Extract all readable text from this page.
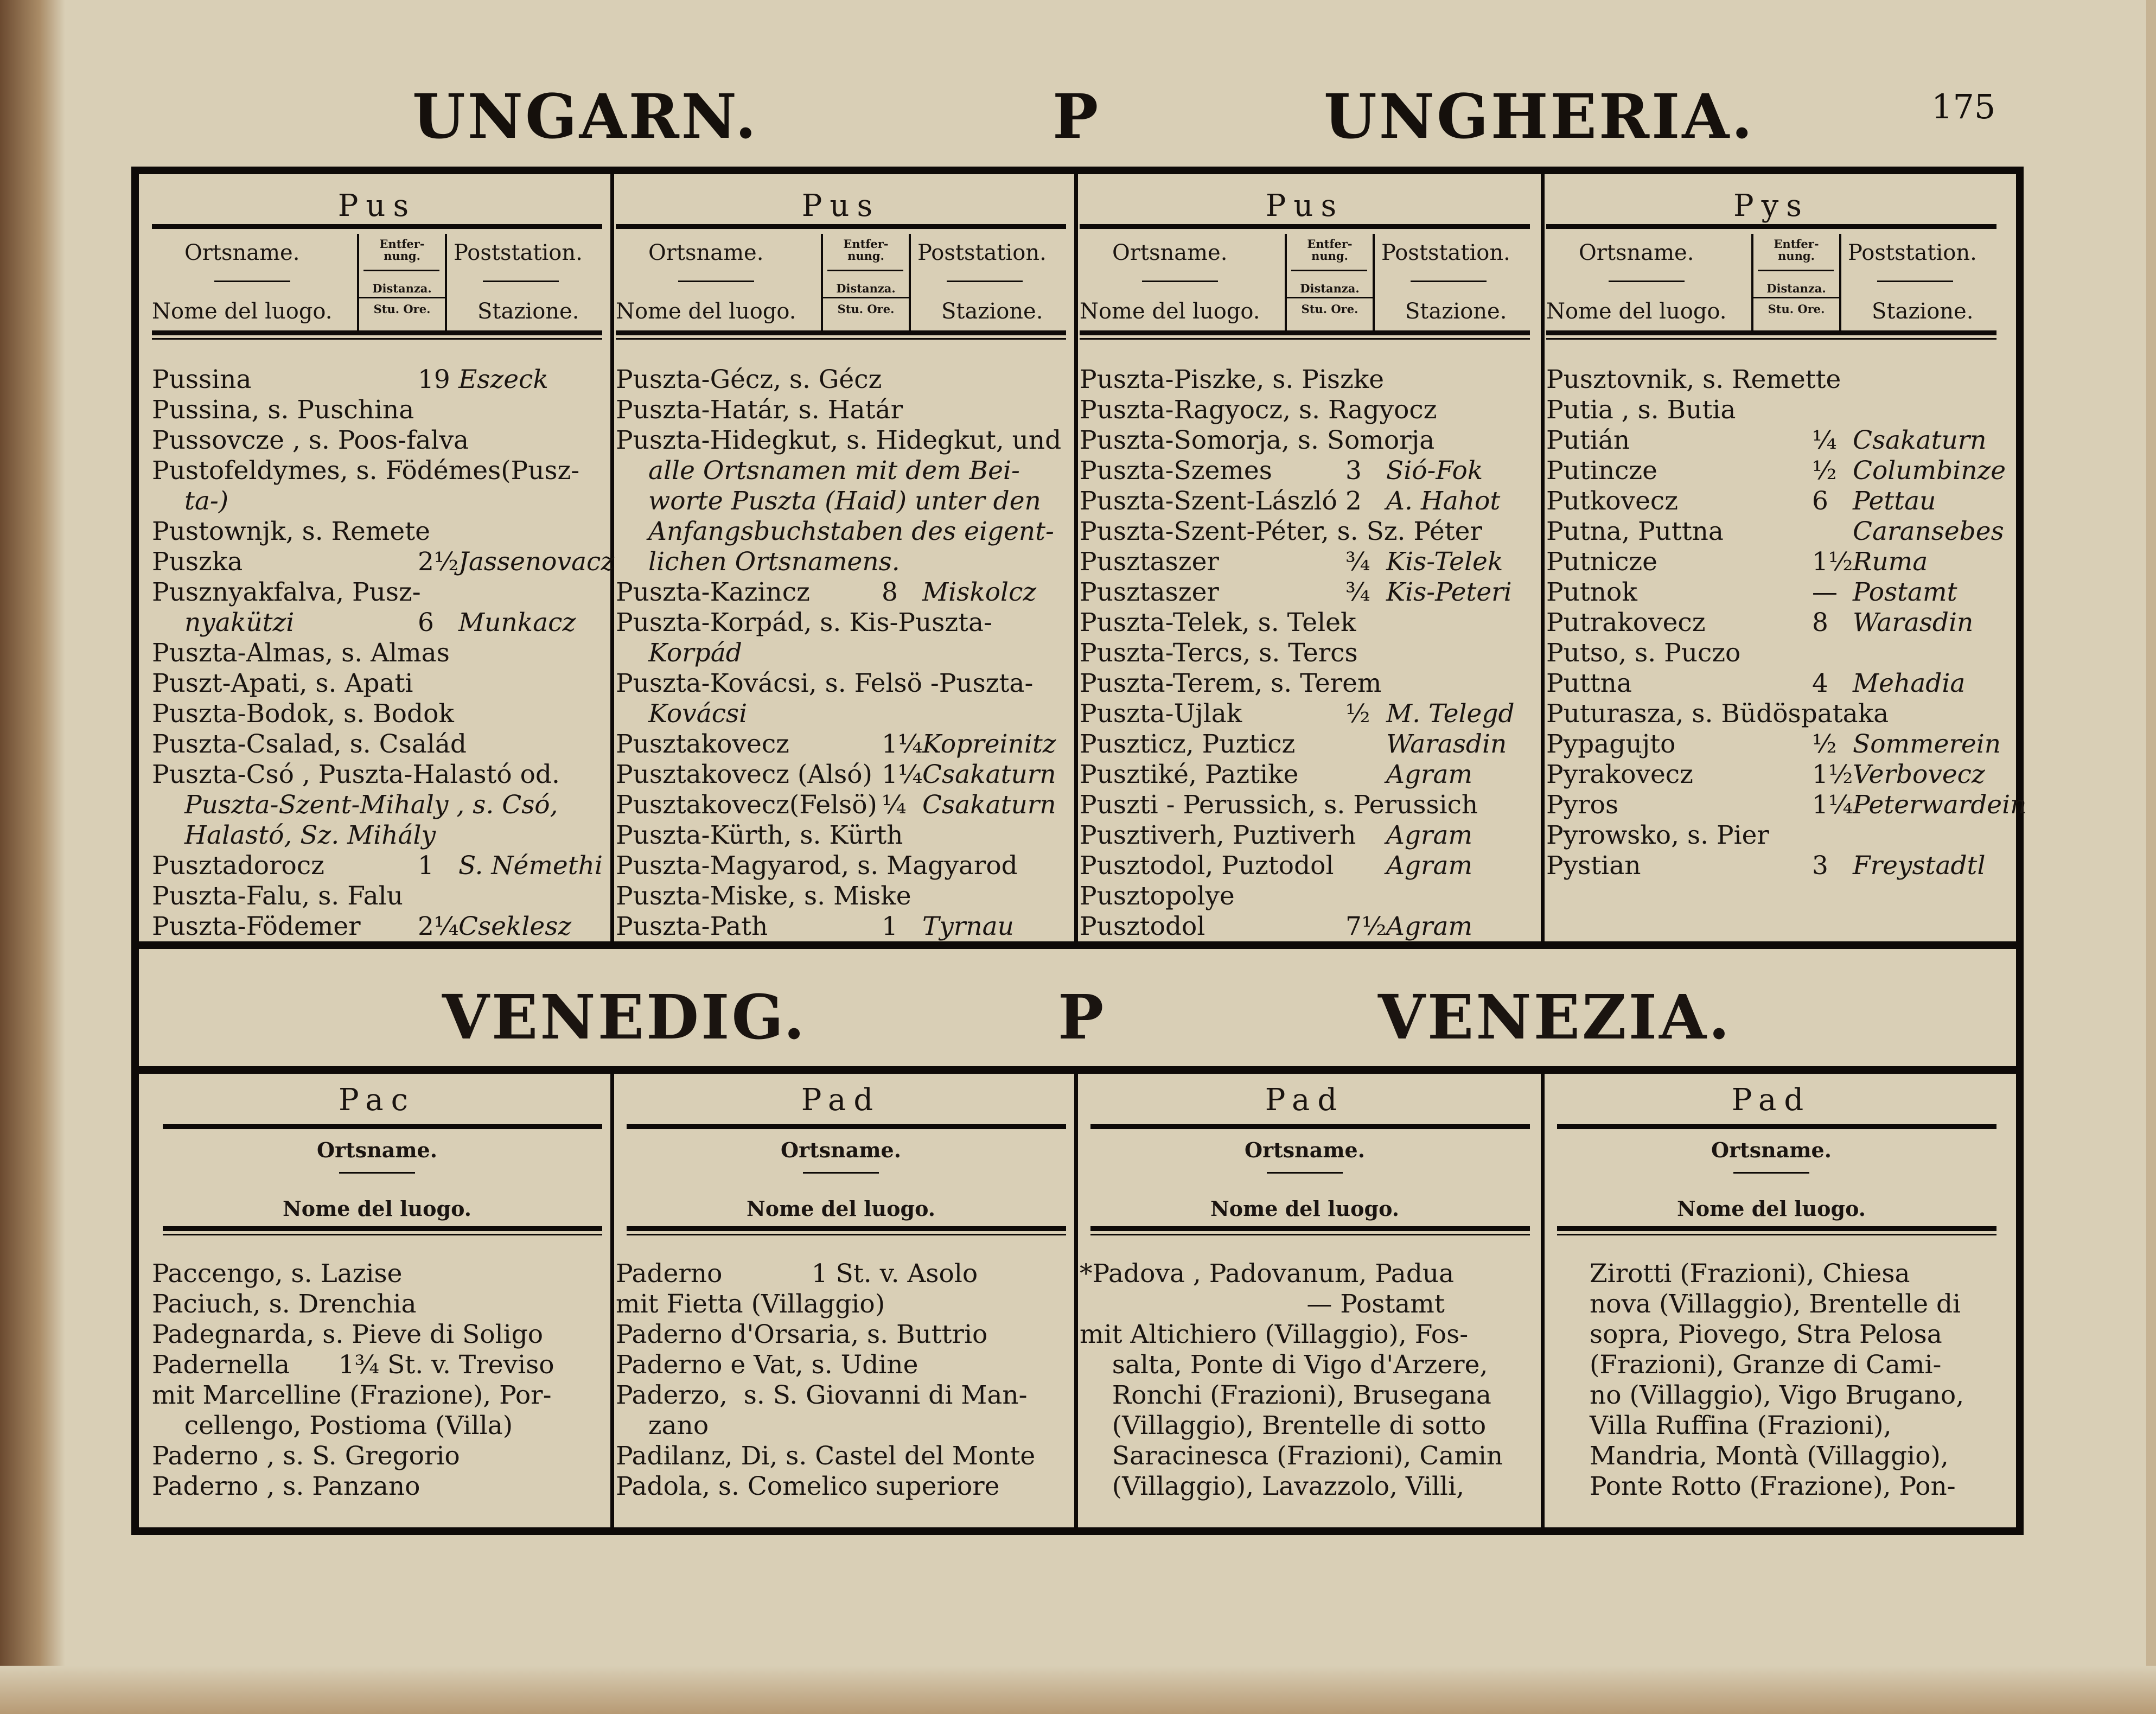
UNGARN.	P	UNGHERIA.	175
Pus
Ortsname.
Nome del luogo.
Entfer-
nung.
Distanza.
Stu. Ore.
Poststation.
Stazione.
Pussina	19 Eszeck
Pussina, s. Puschina
Pussovcze , s. Poos-falva
Pustofeldymes, s. Födémes(Pusz-
ta-)
Pustownjk, s. Remete
Puszka	2½ Jassenovacz
Pusznyakfalva, Pusz-
nyakützi	6 Munkacz
Puszta-Almas, s. Almas
Puszt-Apati, s. Apati
Puszta-Bodok, s. Bodok
Puszta-Csalad, s. Család
Puszta-Csó , Puszta-Halastó od.
Puszta-Szent-Mihaly , s. Csó,
Halastó, Sz. Mihály
Pusztadorocz	1 S. Némethi
Puszta-Falu, s. Falu
Puszta-Födemer 2¼ Cseklesz
Pus
Ortsname.
Nome del luogo.
Entfer-
nung.
Distanza.
Stu. Ore.
Poststation.
Stazione.
Puszta-Gécz, s. Gécz
Puszta-Határ, s. Határ
Puszta-Hidegkut, s. Hidegkut, und
alle Ortsnamen mit dem Bei-
worte Puszta (Haid) unter den
Anfangsbuchstaben des eigent-
lichen Ortsnamens.
Puszta-Kazincz	8 Miskolcz
Puszta-Korpád, s. Kis-Puszta-
Korpád
Puszta-Kovácsi, s. Felsö -Puszta-
Kovácsi
Pusztakovecz	1¼ Kopreinitz
Pusztakovecz (Alsó) 1¼ Csakaturn
Pusztakovecz(Felsö) ¼ Csakaturn
Puszta-Kürth, s. Kürth
Puszta-Magyarod, s. Magyarod
Puszta-Miske, s. Miske
Puszta-Path	1 Tyrnau
Pus
Ortsname.
Nome del luogo.
Entfer-
nung.
Distanza.
Stu. Ore.
Poststation.
Stazione.
Puszta-Piszke, s. Piszke
Puszta-Ragyocz, s. Ragyocz
Puszta-Somorja, s. Somorja
Puszta-Szemes	3 Sió-Fok
Puszta-Szent-László 2 A. Hahot
Puszta-Szent-Péter, s. Sz. Péter
Pusztaszer	¾ Kis-Telek
Pusztaszer	¾ Kis-Peteri
Puszta-Telek, s. Telek
Puszta-Tercs, s. Tercs
Puszta-Terem, s. Terem
Puszta-Ujlak	½ M. Telegd
Puszticz, Puzticz	Warasdin
Pusztiké, Paztike	Agram
Puszti - Perussich, s. Perussich
Pusztiverh, Puztiverh Agram
Pusztodol, Puztodol Agram
Pusztopolye
Pusztodol	7½ Agram
Pys
Ortsname.
Nome del luogo.
Entfer-
nung.
Distanza.
Stu. Ore.
Poststation.
Stazione.
Pusztovnik, s. Remette
Putia , s. Butia
Putián	¼ Csakaturn
Putincze	½ Columbinze
Putkovecz	6 Pettau
Putna, Puttna	Caransebes
Putnicze	1½ Ruma
Putnok	— Postamt
Putrakovecz	8 Warasdin
Putso, s. Puczo
Puttna	4 Mehadia
Puturasza, s. Büdöspataka
Pypagujto	½ Sommerein
Pyrakovecz	1½ Verbovecz
Pyros	1¼ Peterwardein
Pyrowsko, s. Pier
Pystian	3 Freystadtl
VENEDIG.	P	VENEZIA.
Pac
Ortsname.
Nome del luogo.
Paccengo, s. Lazise
Paciuch, s. Drenchia
Padegnarda, s. Pieve di Soligo
Padernella      1¾ St. v. Treviso
mit Marcelline (Frazione), Por-
cellengo, Postioma (Villa)
Paderno , s. S. Gregorio
Paderno , s. Panzano
Pad
Ortsname.
Nome del luogo.
Paderno           1 St. v. Asolo
mit Fietta (Villaggio)
Paderno d'Orsaria, s. Buttrio
Paderno e Vat, s. Udine
Paderzo,  s. S. Giovanni di Man-
zano
Padilanz, Di, s. Castel del Monte
Padola, s. Comelico superiore
Pad
Ortsname.
Nome del luogo.
*Padova , Padovanum, Padua
— Postamt
mit Altichiero (Villaggio), Fos-
salta, Ponte di Vigo d'Arzere,
Ronchi (Frazioni), Brusegana
(Villaggio), Brentelle di sotto
Saracinesca (Frazioni), Camin
(Villaggio), Lavazzolo, Villi,
Pad
Ortsname.
Nome del luogo.
Zirotti (Frazioni), Chiesa
nova (Villaggio), Brentelle di
sopra, Piovego, Stra Pelosa
(Frazioni), Granze di Cami-
no (Villaggio), Vigo Brugano,
Villa Ruffina (Frazioni),
Mandria, Montà (Villaggio),
Ponte Rotto (Frazione), Pon-
